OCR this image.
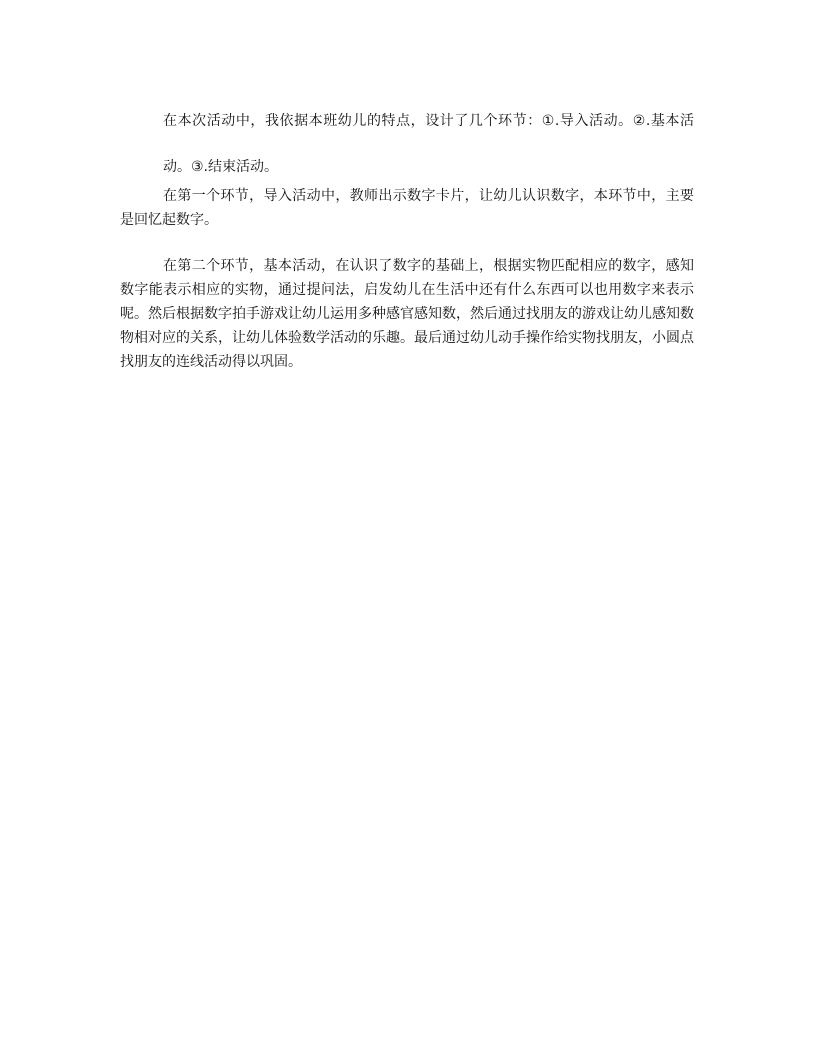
在本次活动中，我依据本班幼儿的特点，设计了几个环节：①.导入活动。②.基本活动。③.结束活动。

在第一个环节，导入活动中，教师出示数字卡片，让幼儿认识数字，本环节中，主要是回忆起数字。

在第二个环节，基本活动，在认识了数字的基础上，根据实物匹配相应的数字，感知数字能表示相应的实物，通过提问法，启发幼儿在生活中还有什么东西可以也用数字来表示呢。然后根据数字拍手游戏让幼儿运用多种感官感知数，然后通过找朋友的游戏让幼儿感知数物相对应的关系，让幼儿体验数学活动的乐趣。最后通过幼儿动手操作给实物找朋友，小圆点找朋友的连线活动得以巩固。
